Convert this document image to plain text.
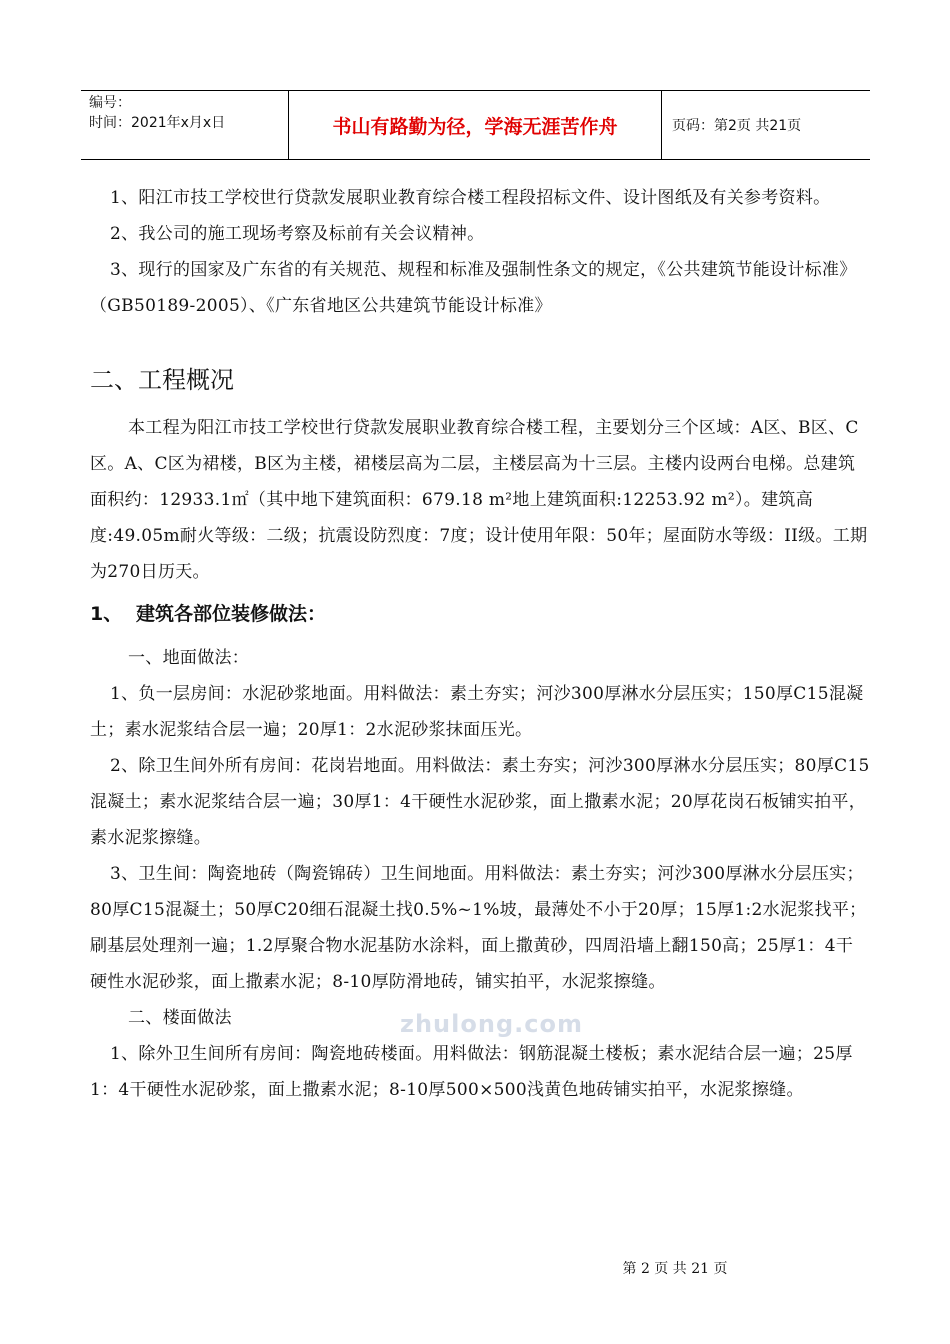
编号：
时间：2021年x月x日	书山有路勤为径，学海无涯苦作舟	页码：第2页 共21页

1、阳江市技工学校世行贷款发展职业教育综合楼工程段招标文件、设计图纸及有关参考资料。

2、我公司的施工现场考察及标前有关会议精神。

3、现行的国家及广东省的有关规范、规程和标准及强制性条文的规定，《公共建筑节能设计标准》（GB50189-2005）、《广东省地区公共建筑节能设计标准》

二、工程概况

本工程为阳江市技工学校世行贷款发展职业教育综合楼工程，主要划分三个区域：A区、B区、C区。A、C区为裙楼，B区为主楼，裙楼层高为二层，主楼层高为十三层。主楼内设两台电梯。总建筑面积约：12933.1㎡（其中地下建筑面积：679.18 m²地上建筑面积:12253.92 m²）。建筑高度:49.05m耐火等级：二级；抗震设防烈度：7度；设计使用年限：50年；屋面防水等级：II级。工期为270日历天。

1、 建筑各部位装修做法：

一、地面做法：

1、负一层房间：水泥砂浆地面。用料做法：素土夯实；河沙300厚淋水分层压实；150厚C15混凝土；素水泥浆结合层一遍；20厚1：2水泥砂浆抹面压光。

2、除卫生间外所有房间：花岗岩地面。用料做法：素土夯实；河沙300厚淋水分层压实；80厚C15混凝土；素水泥浆结合层一遍；30厚1：4干硬性水泥砂浆，面上撒素水泥；20厚花岗石板铺实拍平，素水泥浆擦缝。

3、卫生间：陶瓷地砖（陶瓷锦砖）卫生间地面。用料做法：素土夯实；河沙300厚淋水分层压实；80厚C15混凝土；50厚C20细石混凝土找0.5%~1%坡，最薄处不小于20厚；15厚1:2水泥浆找平；刷基层处理剂一遍；1.2厚聚合物水泥基防水涂料，面上撒黄砂，四周沿墙上翻150高；25厚1：4干硬性水泥砂浆，面上撒素水泥；8-10厚防滑地砖，铺实拍平，水泥浆擦缝。

二、楼面做法

1、除外卫生间所有房间：陶瓷地砖楼面。用料做法：钢筋混凝土楼板；素水泥结合层一遍；25厚1：4干硬性水泥砂浆，面上撒素水泥；8-10厚500×500浅黄色地砖铺实拍平，水泥浆擦缝。

zhulong.com
第 2 页 共 21 页
